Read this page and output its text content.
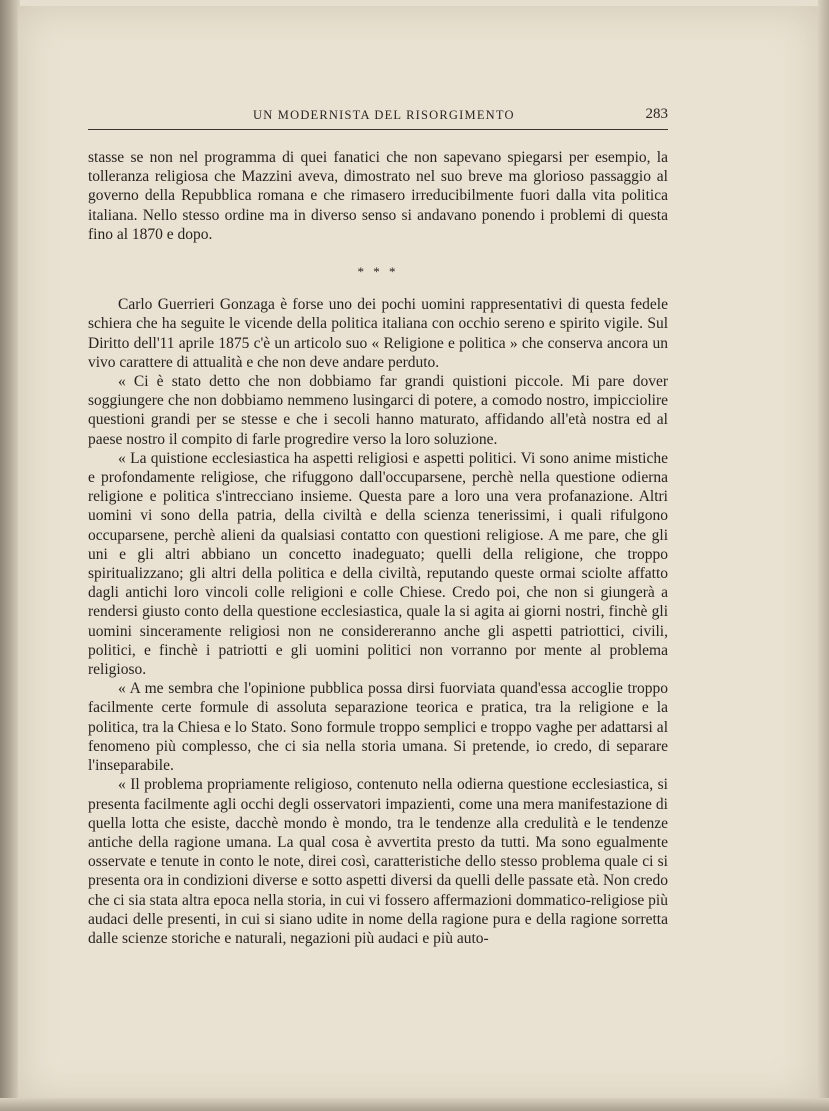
UN MODERNISTA DEL RISORGIMENTO	283

stasse se non nel programma di quei fanatici che non sapevano spiegarsi per esempio, la tolleranza religiosa che Mazzini aveva, dimostrato nel suo breve ma glorioso passaggio al governo della Repubblica romana e che rimasero irreducibilmente fuori dalla vita politica italiana. Nello stesso ordine ma in diverso senso si andavano ponendo i problemi di questa fino al 1870 e dopo.

* * *

Carlo Guerrieri Gonzaga è forse uno dei pochi uomini rappresentativi di questa fedele schiera che ha seguite le vicende della politica italiana con occhio sereno e spirito vigile. Sul Diritto dell'11 aprile 1875 c'è un articolo suo « Religione e politica » che conserva ancora un vivo carattere di attualità e che non deve andare perduto.

« Ci è stato detto che non dobbiamo far grandi quistioni piccole. Mi pare dover soggiungere che non dobbiamo nemmeno lusingarci di potere, a comodo nostro, impicciolire questioni grandi per se stesse e che i secoli hanno maturato, affidando all'età nostra ed al paese nostro il compito di farle progredire verso la loro soluzione.

« La quistione ecclesiastica ha aspetti religiosi e aspetti politici. Vi sono anime mistiche e profondamente religiose, che rifuggono dall'occuparsene, perchè nella questione odierna religione e politica s'intrecciano insieme. Questa pare a loro una vera profanazione. Altri uomini vi sono della patria, della civiltà e della scienza tenerissimi, i quali rifulgono occuparsene, perchè alieni da qualsiasi contatto con questioni religiose. A me pare, che gli uni e gli altri abbiano un concetto inadeguato; quelli della religione, che troppo spiritualizzano; gli altri della politica e della civiltà, reputando queste ormai sciolte affatto dagli antichi loro vincoli colle religioni e colle Chiese. Credo poi, che non si giungerà a rendersi giusto conto della questione ecclesiastica, quale la si agita ai giorni nostri, finchè gli uomini sinceramente religiosi non ne considereranno anche gli aspetti patriottici, civili, politici, e finchè i patriotti e gli uomini politici non vorranno por mente al problema religioso.

« A me sembra che l'opinione pubblica possa dirsi fuorviata quand'essa accoglie troppo facilmente certe formule di assoluta separazione teorica e pratica, tra la religione e la politica, tra la Chiesa e lo Stato. Sono formule troppo semplici e troppo vaghe per adattarsi al fenomeno più complesso, che ci sia nella storia umana. Si pretende, io credo, di separare l'inseparabile.

« Il problema propriamente religioso, contenuto nella odierna questione ecclesiastica, si presenta facilmente agli occhi degli osservatori impazienti, come una mera manifestazione di quella lotta che esiste, dacchè mondo è mondo, tra le tendenze alla credulità e le tendenze antiche della ragione umana. La qual cosa è avvertita presto da tutti. Ma sono egualmente osservate e tenute in conto le note, direi così, caratteristiche dello stesso problema quale ci si presenta ora in condizioni diverse e sotto aspetti diversi da quelli delle passate età. Non credo che ci sia stata altra epoca nella storia, in cui vi fossero affermazioni dommatico-religiose più audaci delle presenti, in cui si siano udite in nome della ragione pura e della ragione sorretta dalle scienze storiche e naturali, negazioni più audaci e più auto-
